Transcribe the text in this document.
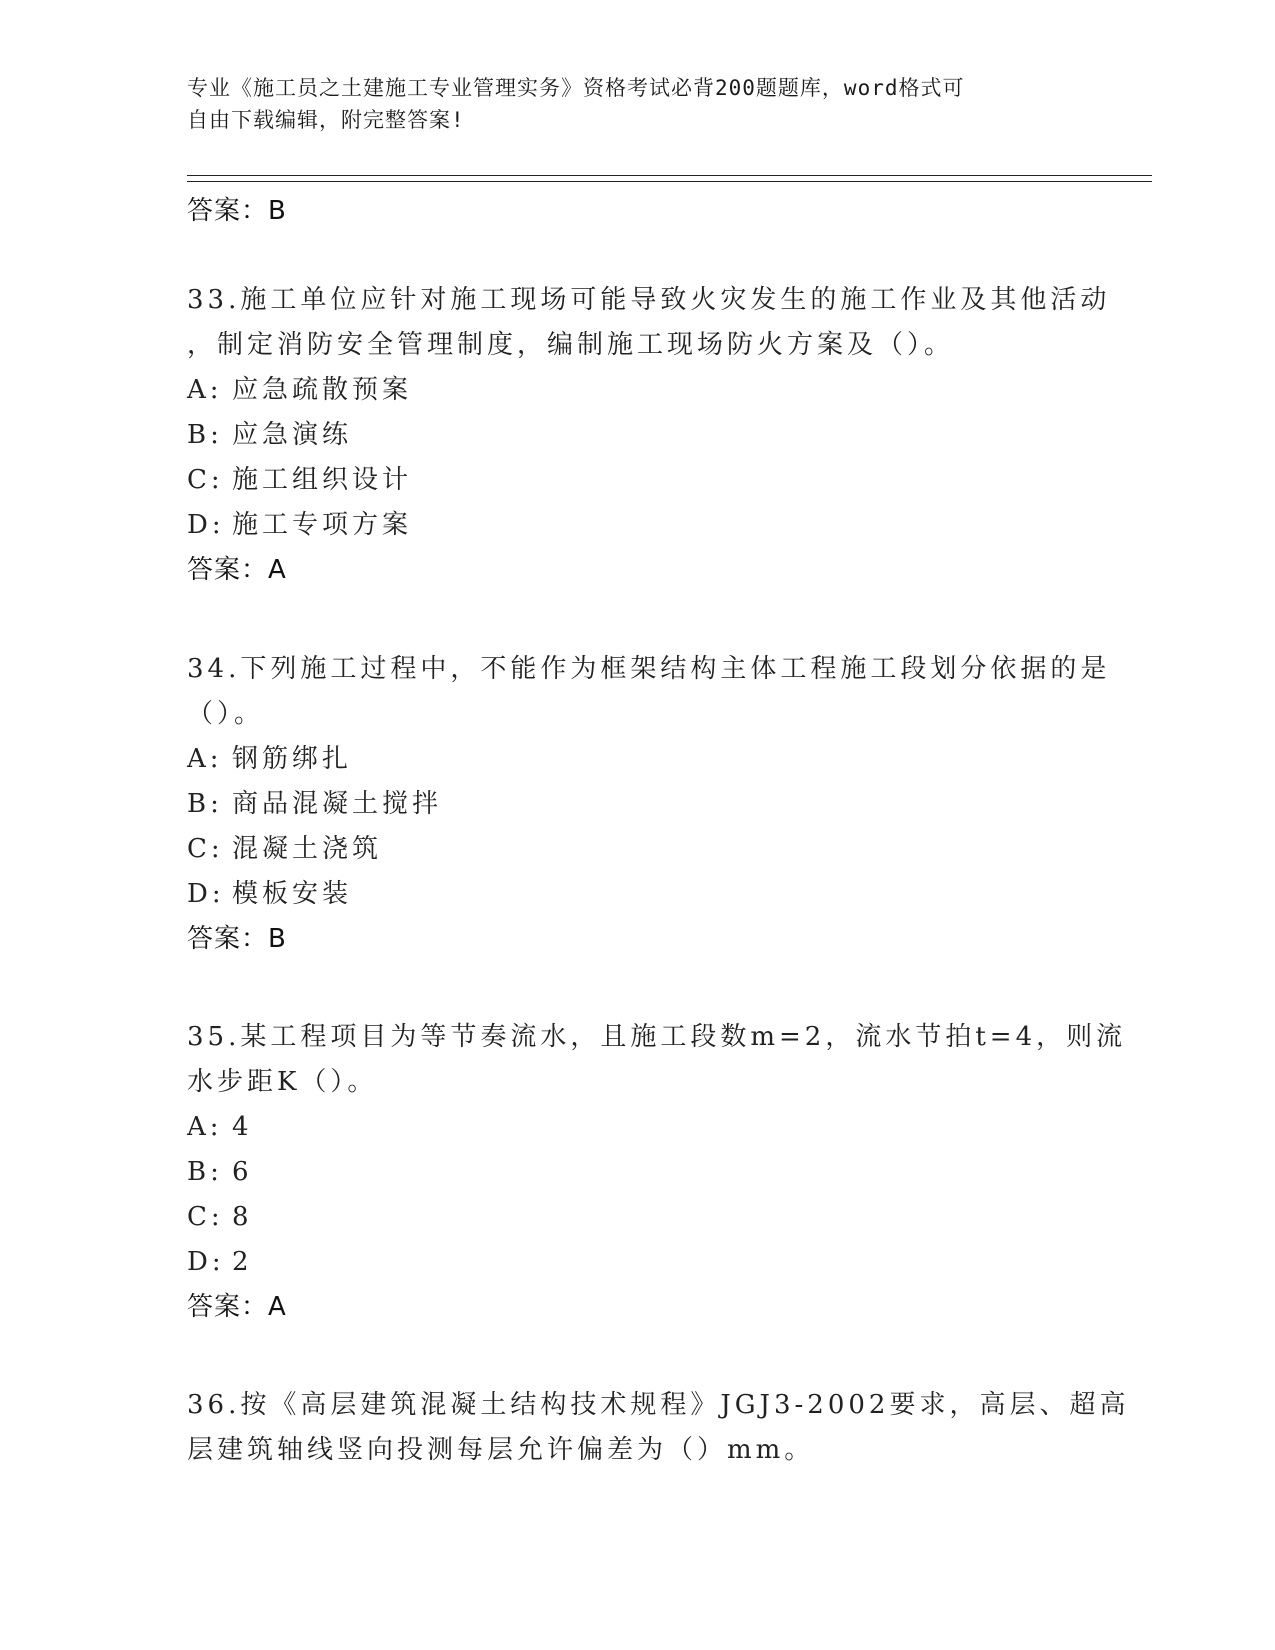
专业《施工员之土建施工专业管理实务》资格考试必背200题题库，word格式可
自由下载编辑，附完整答案!
答案：B
33.施工单位应针对施工现场可能导致火灾发生的施工作业及其他活动
，制定消防安全管理制度，编制施工现场防火方案及（）。
A: 应急疏散预案
B: 应急演练
C: 施工组织设计
D: 施工专项方案
答案：A
34.下列施工过程中，不能作为框架结构主体工程施工段划分依据的是
（）。
A: 钢筋绑扎
B: 商品混凝土搅拌
C: 混凝土浇筑
D: 模板安装
答案：B
35.某工程项目为等节奏流水，且施工段数m=2，流水节拍t=4，则流
水步距K（）。
A: 4
B: 6
C: 8
D: 2
答案：A
36.按《高层建筑混凝土结构技术规程》JGJ3-2002要求，高层、超高
层建筑轴线竖向投测每层允许偏差为（）mm。
